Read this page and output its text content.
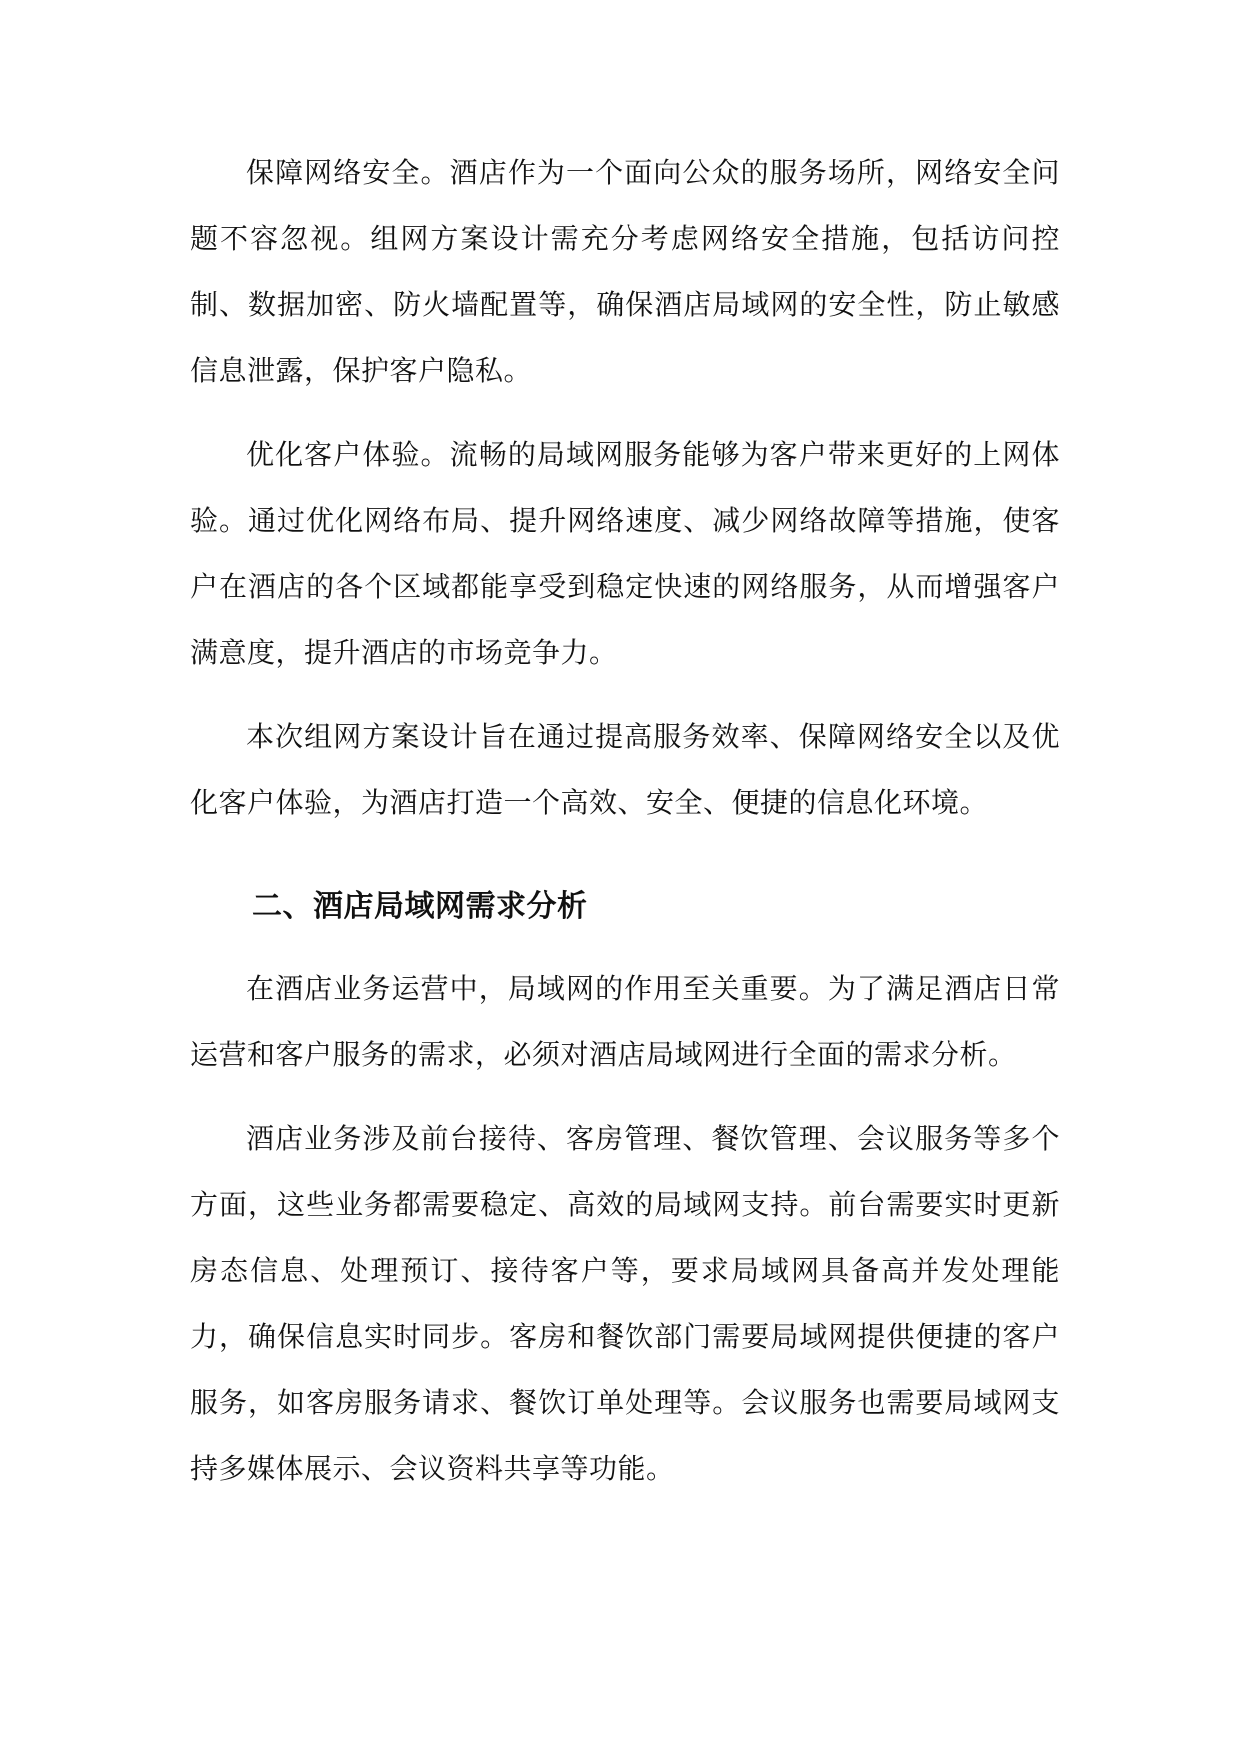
保障网络安全。酒店作为一个面向公众的服务场所，网络安全问题不容忽视。组网方案设计需充分考虑网络安全措施，包括访问控制、数据加密、防火墙配置等，确保酒店局域网的安全性，防止敏感信息泄露，保护客户隐私。

优化客户体验。流畅的局域网服务能够为客户带来更好的上网体验。通过优化网络布局、提升网络速度、减少网络故障等措施，使客户在酒店的各个区域都能享受到稳定快速的网络服务，从而增强客户满意度，提升酒店的市场竞争力。

本次组网方案设计旨在通过提高服务效率、保障网络安全以及优化客户体验，为酒店打造一个高效、安全、便捷的信息化环境。

二、酒店局域网需求分析

在酒店业务运营中，局域网的作用至关重要。为了满足酒店日常运营和客户服务的需求，必须对酒店局域网进行全面的需求分析。

酒店业务涉及前台接待、客房管理、餐饮管理、会议服务等多个方面，这些业务都需要稳定、高效的局域网支持。前台需要实时更新房态信息、处理预订、接待客户等，要求局域网具备高并发处理能力，确保信息实时同步。客房和餐饮部门需要局域网提供便捷的客户服务，如客房服务请求、餐饮订单处理等。会议服务也需要局域网支持多媒体展示、会议资料共享等功能。
